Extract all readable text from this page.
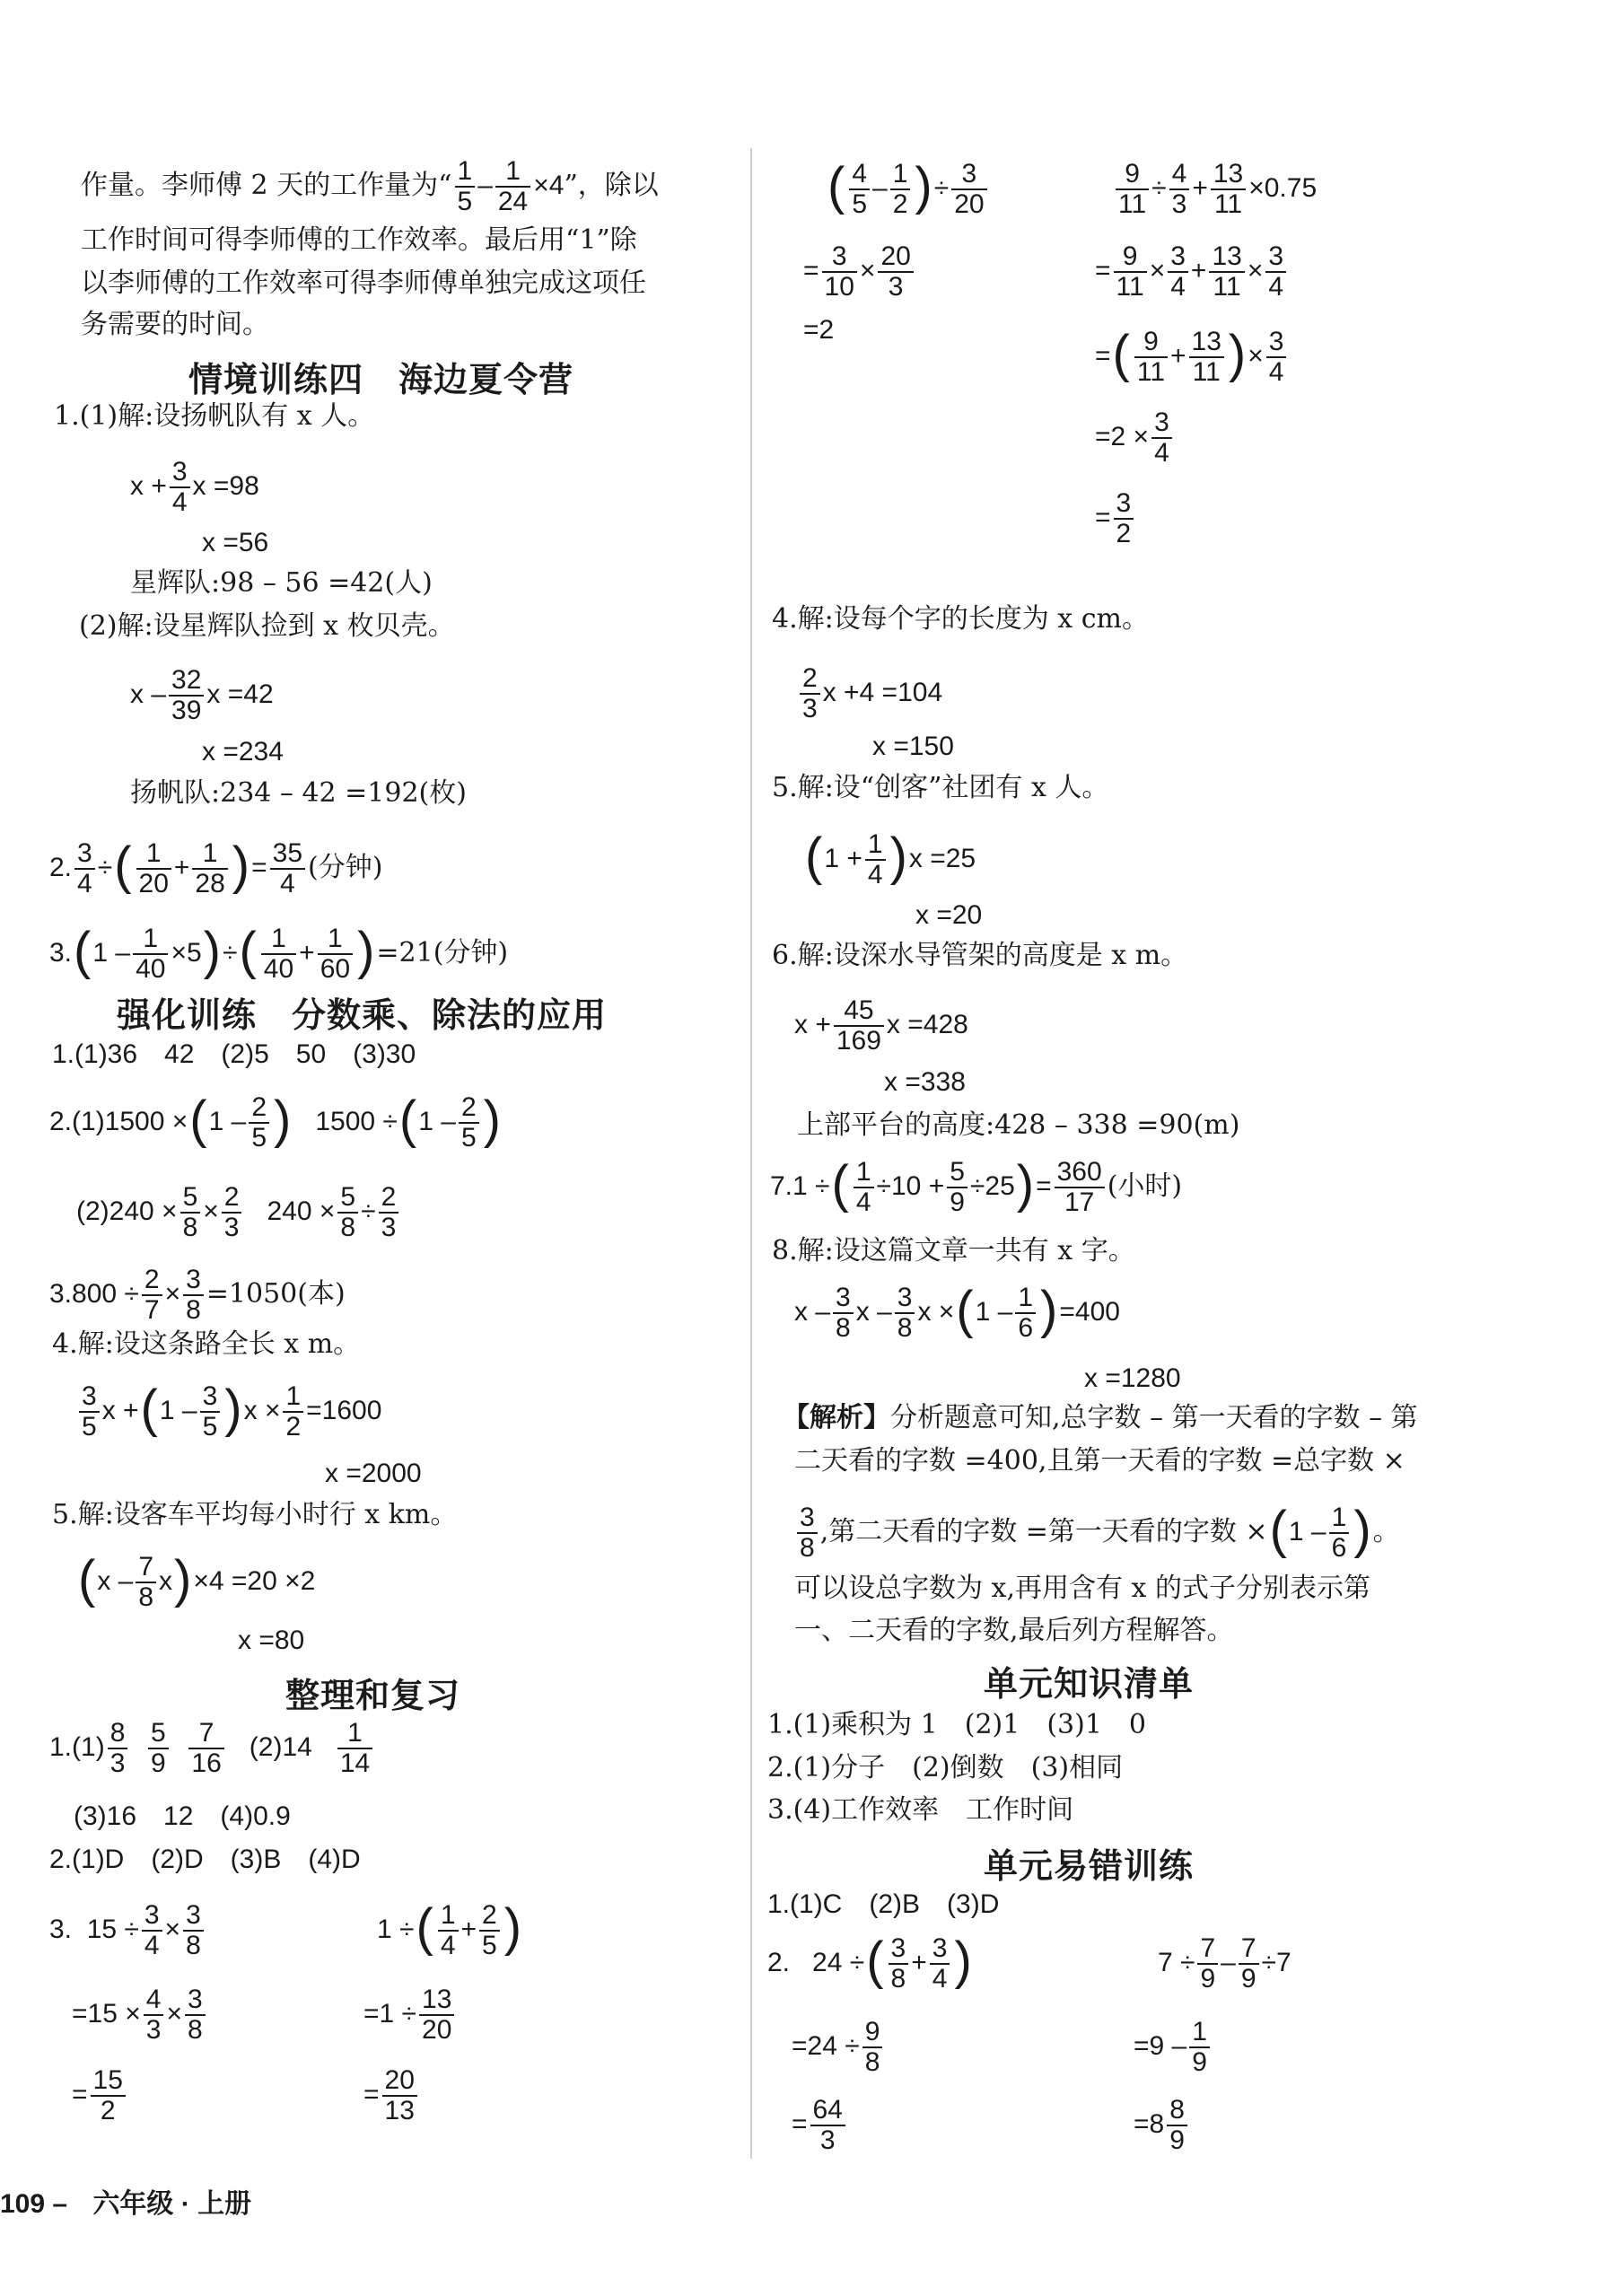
作量。李师傅 2 天的工作量为“ $\frac{1}{5} - \frac{1}{24} \times 4$”，除以
工作时间可得李师傅的工作效率。最后用“1”除
以李师傅的工作效率可得李师傅单独完成这项任
务需要的时间。
情境训练四　海边夏令营
1.(1)解:设扬帆队有 x 人。
$x + \frac{3}{4}$ x =98
x =56
星辉队:98 – 56 =42(人)
(2)解:设星辉队捡到 x 枚贝壳。
x – $\frac{32}{39}$ x =42
x =234
扬帆队:234 – 42 =192(枚)
2. $\frac{3}{4}$ ÷( $\frac{1}{20} + \frac{1}{28}$ )= $\frac{35}{4}$ (分钟)
$3.(1 - \frac{1}{40} \times 5)\div( \frac{1}{40} + \frac{1}{60} )=21$(分钟)
强化训练　分数乘、除法的应用
1.(1)36　42　(2)5　50　(3)30
$2.(1)1500 \times(1 - \frac{2}{5}$ )   $1500 \div(1 - \frac{2}{5}$ )
$(2)240 \times \frac{5}{8} \times \frac{2}{3} 240 \times \frac{5}{8} \div \frac{2}{3}$
$3.800 \div \frac{2}{7} \times \frac{3}{8} =1050$(本)
4.解:设这条路全长 x m。
$\frac{3}{5}$ $x +(1 - \frac{3}{5} )x \times \frac{1}{2} =1600$
x =2000
5.解:设客车平均每小时行 x km。
$(x - \frac{7}{8} x)\times 4 =20 \times 2$
x =80
整理和复习
$1.(1) \frac{8}{3}$
$\frac{5}{9}$
$\frac{7}{16} (2)14 \frac{1}{14}$
(3)16　12　(4)0.9
2.(1)D　(2)D　(3)B　(4)D
3.  $15 \div \frac{3}{4} \times \frac{3}{8}$	1 ÷( $\frac{1}{4} + \frac{2}{5}$ )
$=15 \times \frac{4}{3} \times \frac{3}{8}$	$=1 \div \frac{13}{20}$
= $\frac{15}{2}$	= $\frac{20}{13}$
( $\frac{4}{5} - \frac{1}{2}$ )÷ $\frac{3}{20}$
= $\frac{3}{10} \times \frac{20}{3}$
=2
$\frac{9}{11} \div \frac{4}{3} + \frac{13}{11} \times 0.75$
= $\frac{9}{11} \times \frac{3}{4} + \frac{13}{11} \times \frac{3}{4}$
=( $\frac{9}{11} + \frac{13}{11}$ )× $\frac{3}{4}$
$=2 \times \frac{3}{4}$
= $\frac{3}{2}$
4.解:设每个字的长度为 x cm。
$\frac{2}{3}$ x +4 =104
x =150
5.解:设“创客”社团有 x 人。
$(1 + \frac{1}{4} )x =25$
x =20
6.解:设深水导管架的高度是 x m。
$x + \frac{45}{169}$ x =428
x =338
上部平台的高度:428 – 338 =90(m)
7.1 ÷( $\frac{1}{4} \div 10 + \frac{5}{9} \div 25)= \frac{360}{17}$ (小时)
8.解:设这篇文章一共有 x 字。
x – $\frac{3}{8}$ x – $\frac{3}{8}$ $x \times(1 - \frac{1}{6} )=400$
x =1280
【解析】分析题意可知,总字数 – 第一天看的字数 – 第
二天看的字数 =400,且第一天看的字数 =总字数 ×
$\frac{3}{8}$ ,第二天看的字数 =第一天看的字数 $\times(1 - \frac{1}{6}$ )。
可以设总字数为 x,再用含有 x 的式子分别表示第
一、二天看的字数,最后列方程解答。
单元知识清单
1.(1)乘积为 1　(2)1　(3)1　0
2.(1)分子　(2)倒数　(3)相同
3.(4)工作效率　工作时间
单元易错训练
1.(1)C　(2)B　(3)D
2.   24 ÷( $\frac{3}{8} + \frac{3}{4}$ )	$7 \div \frac{7}{9} - \frac{7}{9} \div 7$
$=24 \div \frac{9}{8}$	$=9 - \frac{1}{9}$
= $\frac{64}{3}$	$=8 \frac{8}{9}$
109 – 六年级 · 上册
